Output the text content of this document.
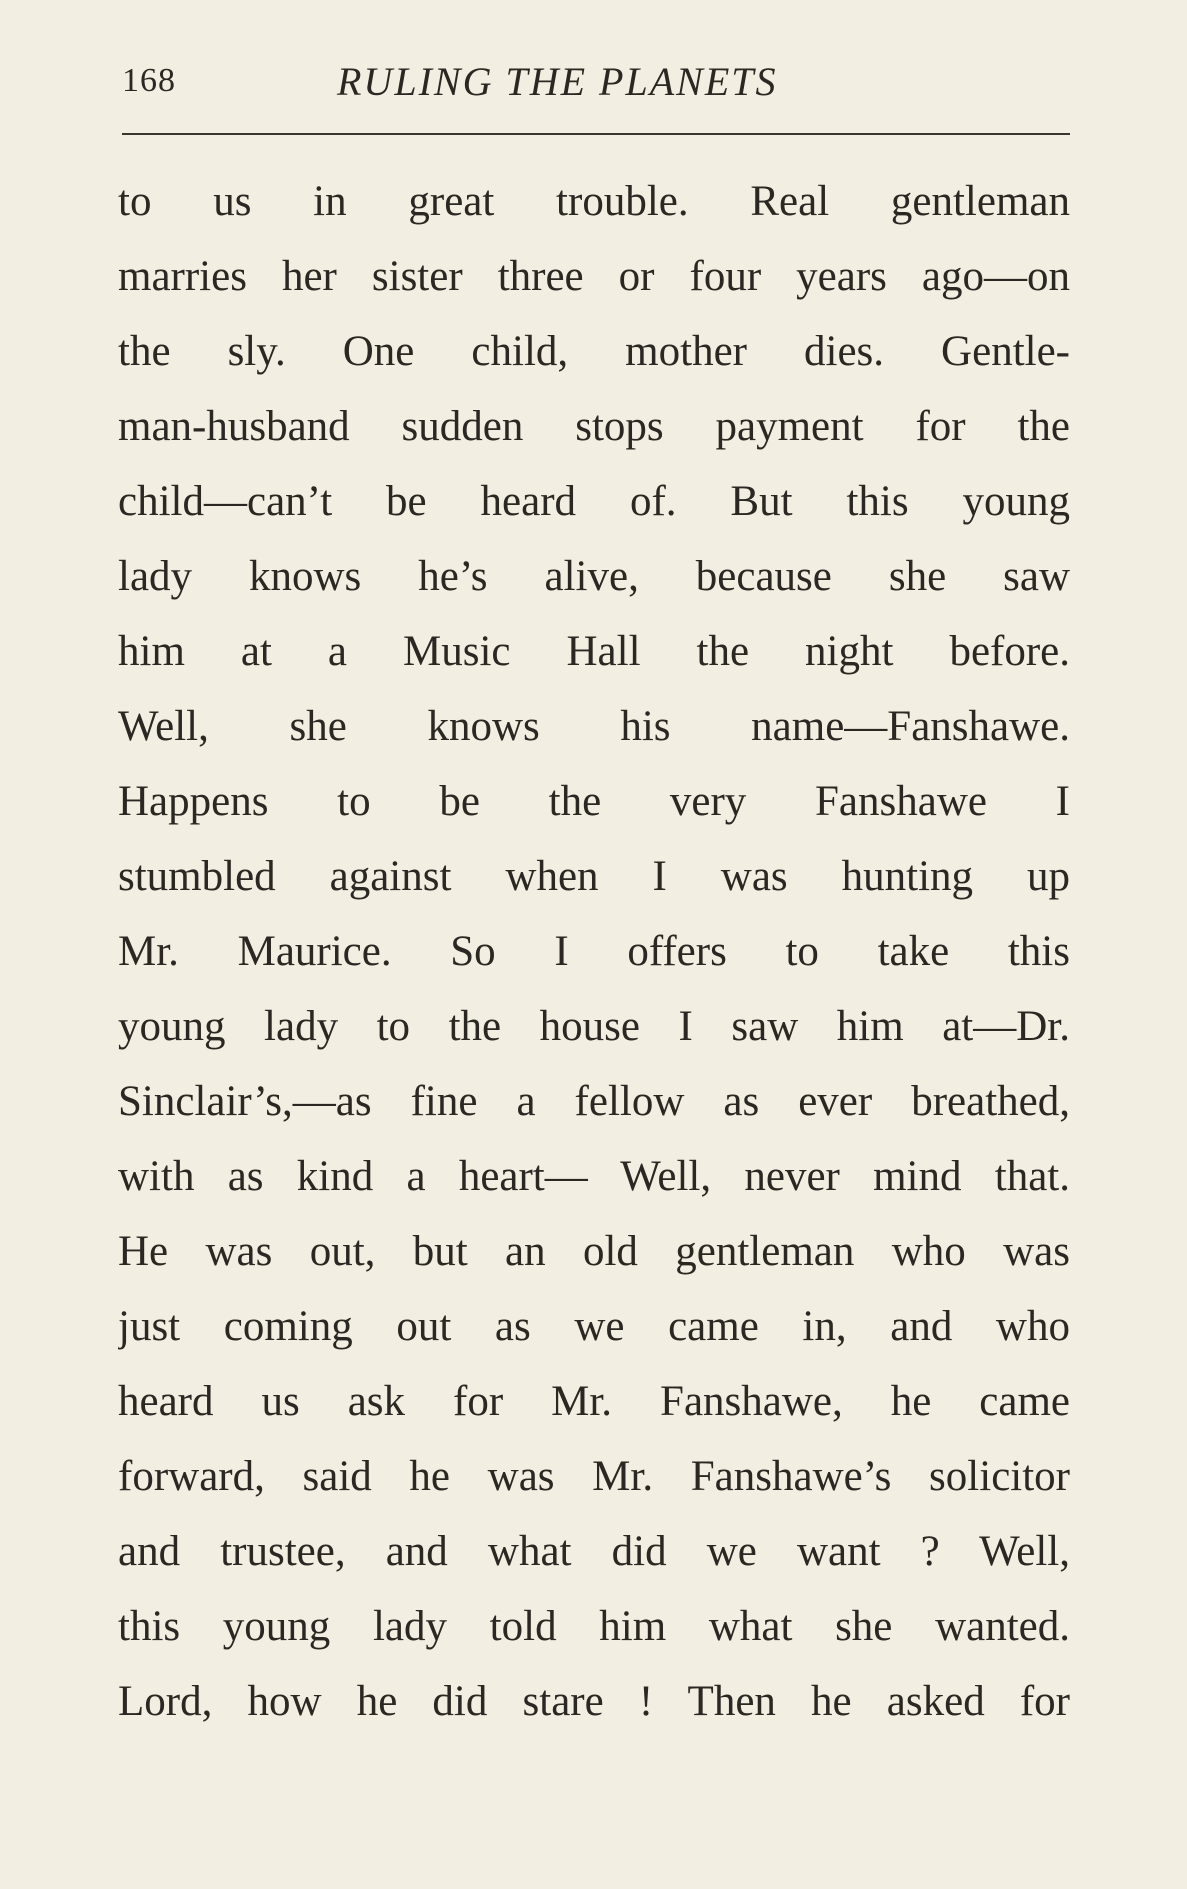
168	RULING THE PLANETS
to us in great trouble. Real gentleman
marries her sister three or four years ago—on
the sly. One child, mother dies. Gentle-
man-husband sudden stops payment for the
child—can’t be heard of. But this young
lady knows he’s alive, because she saw
him at a Music Hall the night before.
Well, she knows his name—Fanshawe.
Happens to be the very Fanshawe I
stumbled against when I was hunting up
Mr. Maurice. So I offers to take this
young lady to the house I saw him at—Dr.
Sinclair’s,—as fine a fellow as ever breathed,
with as kind a heart— Well, never mind that.
He was out, but an old gentleman who was
just coming out as we came in, and who
heard us ask for Mr. Fanshawe, he came
forward, said he was Mr. Fanshawe’s solicitor
and trustee, and what did we want ? Well,
this young lady told him what she wanted.
Lord, how he did stare ! Then he asked for
